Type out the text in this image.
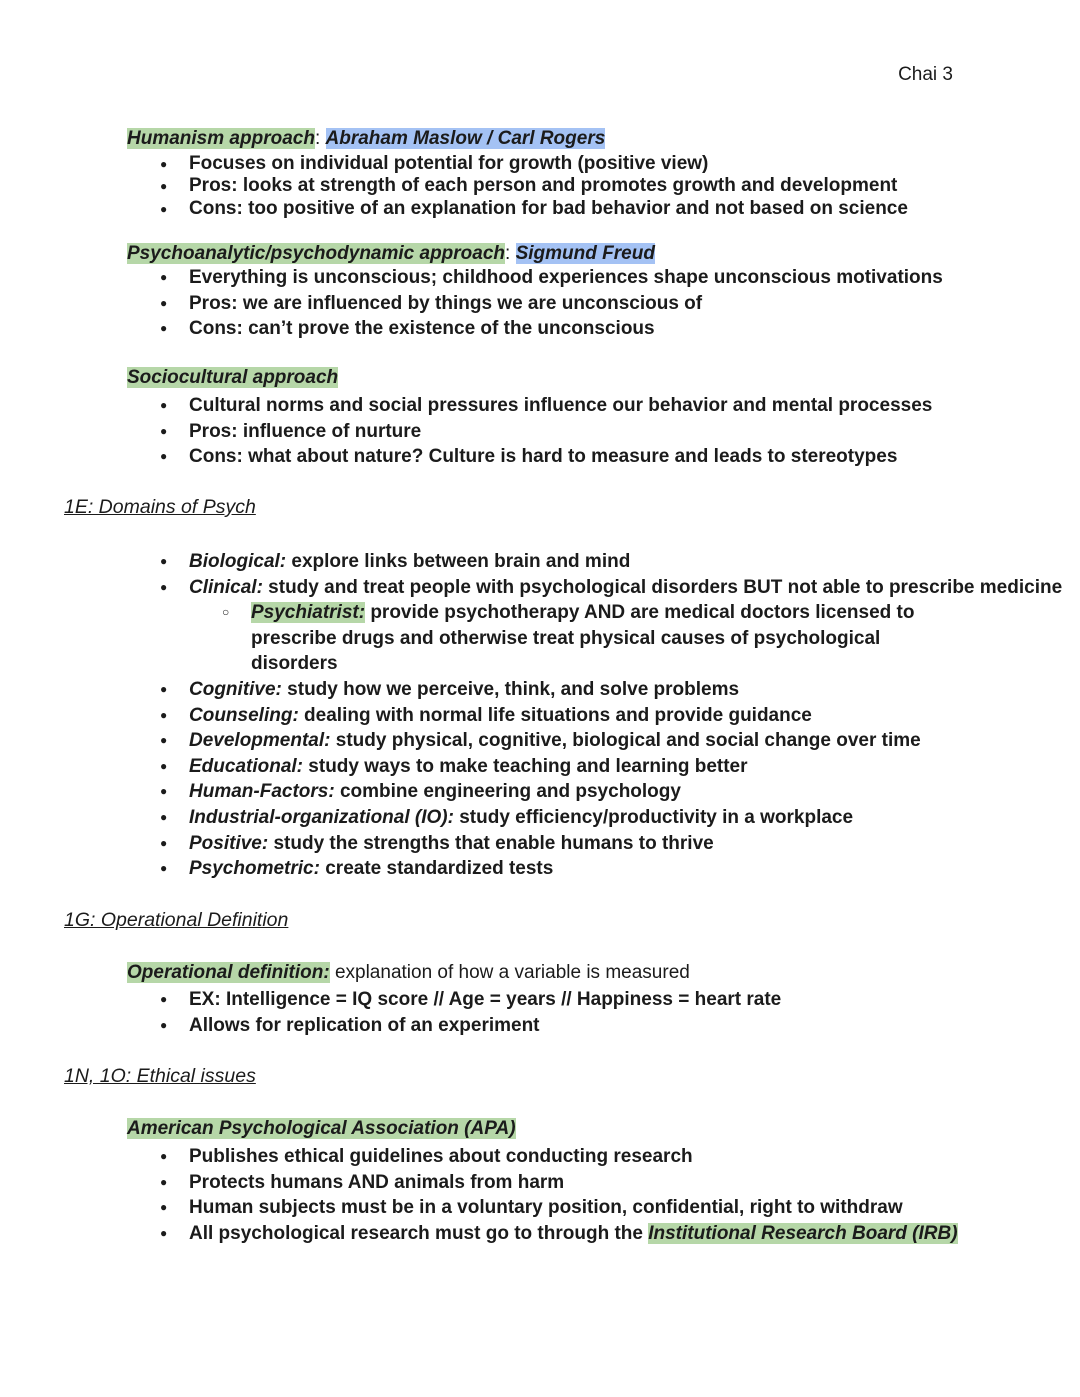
Chai 3
Humanism approach: Abraham Maslow / Carl Rogers
● Focuses on individual potential for growth (positive view)
● Pros: looks at strength of each person and promotes growth and development
● Cons: too positive of an explanation for bad behavior and not based on science
Psychoanalytic/psychodynamic approach: Sigmund Freud
● Everything is unconscious; childhood experiences shape unconscious motivations
● Pros: we are influenced by things we are unconscious of
● Cons: can’t prove the existence of the unconscious
Sociocultural approach
● Cultural norms and social pressures influence our behavior and mental processes
● Pros: influence of nurture
● Cons: what about nature? Culture is hard to measure and leads to stereotypes
1E: Domains of Psych
● Biological: explore links between brain and mind
● Clinical: study and treat people with psychological disorders BUT not able to prescribe medicine
○ Psychiatrist: provide psychotherapy AND are medical doctors licensed to prescribe drugs and otherwise treat physical causes of psychological disorders
● Cognitive: study how we perceive, think, and solve problems
● Counseling: dealing with normal life situations and provide guidance
● Developmental: study physical, cognitive, biological and social change over time
● Educational: study ways to make teaching and learning better
● Human-Factors: combine engineering and psychology
● Industrial-organizational (IO): study efficiency/productivity in a workplace
● Positive: study the strengths that enable humans to thrive
● Psychometric: create standardized tests
1G: Operational Definition
Operational definition: explanation of how a variable is measured
● EX: Intelligence = IQ score // Age = years // Happiness = heart rate
● Allows for replication of an experiment
1N, 1O: Ethical issues
American Psychological Association (APA)
● Publishes ethical guidelines about conducting research
● Protects humans AND animals from harm
● Human subjects must be in a voluntary position, confidential, right to withdraw
● All psychological research must go to through the Institutional Research Board (IRB)
